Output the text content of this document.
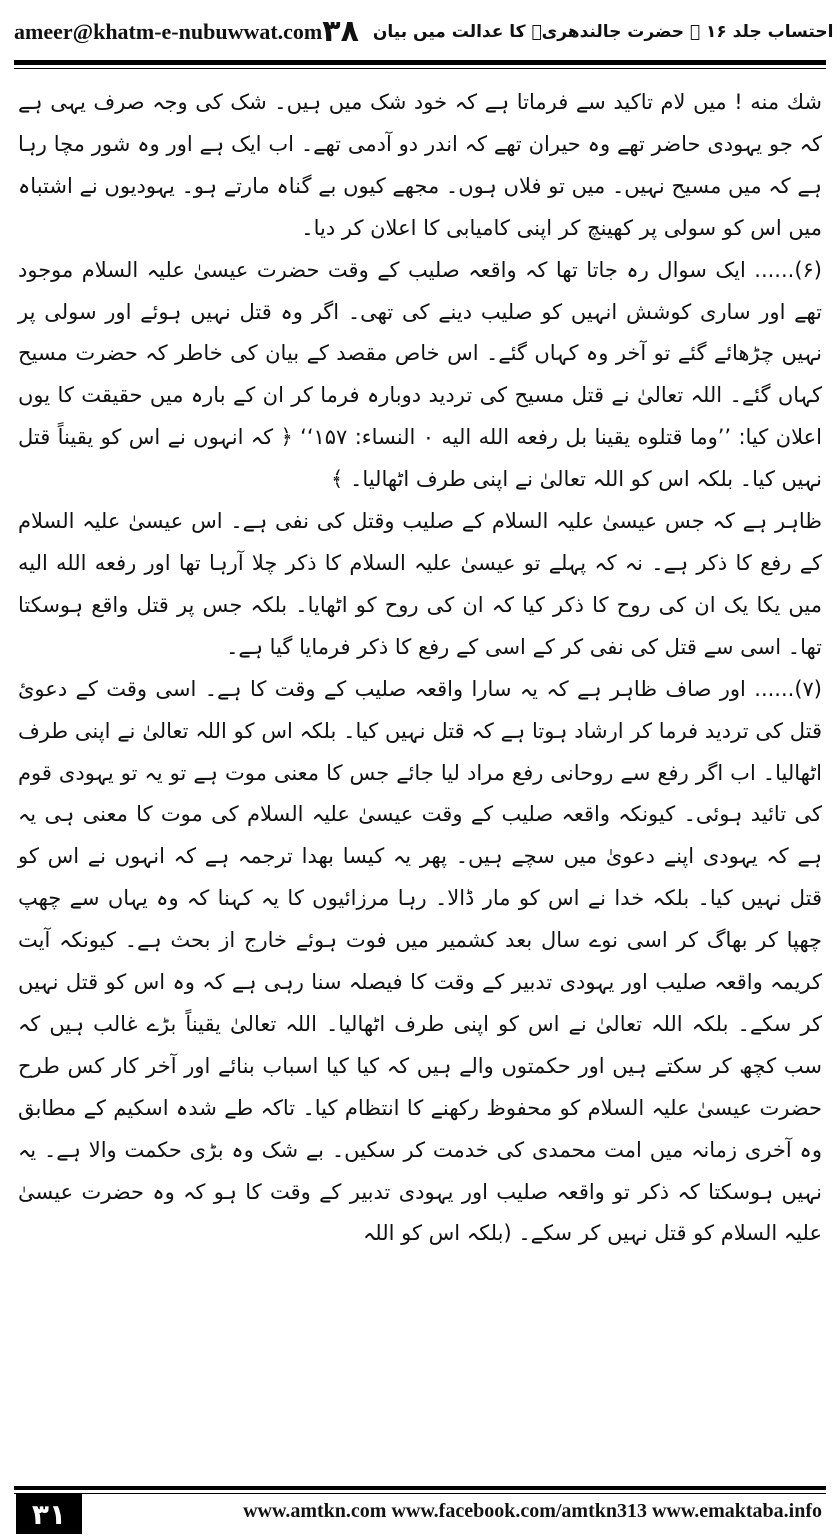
ameer@khatm-e-nubuwwat.com	احتساب جلد ۱۶ ۔ حضرت جالندھریؒ کا عدالت میں بیان
۳۸

شك منه ! میں لام تاکید سے فرماتا ہے کہ خود شک میں ہیں۔ شک کی وجہ صرف یہی ہے کہ جو یہودی حاضر تھے وہ حیران تھے کہ اندر دو آدمی تھے۔ اب ایک ہے اور وہ شور مچا رہا ہے کہ میں مسیح نہیں۔ میں تو فلاں ہوں۔ مجھے کیوں بے گناہ مارتے ہو۔ یہودیوں نے اشتباہ میں اس کو سولی پر کھینچ کر اپنی کامیابی کا اعلان کر دیا۔

(۶)...... ایک سوال رہ جاتا تھا کہ واقعہ صلیب کے وقت حضرت عیسیٰ علیہ السلام موجود تھے اور ساری کوشش انہیں کو صلیب دینے کی تھی۔ اگر وہ قتل نہیں ہوئے اور سولی پر نہیں چڑھائے گئے تو آخر وہ کہاں گئے۔ اس خاص مقصد کے بیان کی خاطر کہ حضرت مسیح کہاں گئے۔ اللہ تعالیٰ نے قتل مسیح کی تردید دوبارہ فرما کر ان کے بارہ میں حقیقت کا یوں اعلان کیا: ’’وما قتلوه يقينا بل رفعه الله اليه ۰ النساء: ۱۵۷‘‘ ﴿ کہ انہوں نے اس کو یقیناً قتل نہیں کیا۔ بلکہ اس کو اللہ تعالیٰ نے اپنی طرف اٹھالیا۔ ﴾

ظاہر ہے کہ جس عیسیٰ علیہ السلام کے صلیب وقتل کی نفی ہے۔ اس عیسیٰ علیہ السلام کے رفع کا ذکر ہے۔ نہ کہ پہلے تو عیسیٰ علیہ السلام کا ذکر چلا آرہا تھا اور رفعه الله اليه میں یکا یک ان کی روح کا ذکر کیا کہ ان کی روح کو اٹھایا۔ بلکہ جس پر قتل واقع ہوسکتا تھا۔ اسی سے قتل کی نفی کر کے اسی کے رفع کا ذکر فرمایا گیا ہے۔

(۷)...... اور صاف ظاہر ہے کہ یہ سارا واقعہ صلیب کے وقت کا ہے۔ اسی وقت کے دعویٔ قتل کی تردید فرما کر ارشاد ہوتا ہے کہ قتل نہیں کیا۔ بلکہ اس کو اللہ تعالیٰ نے اپنی طرف اٹھالیا۔ اب اگر رفع سے روحانی رفع مراد لیا جائے جس کا معنی موت ہے تو یہ تو یہودی قوم کی تائید ہوئی۔ کیونکہ واقعہ صلیب کے وقت عیسیٰ علیہ السلام کی موت کا معنی ہی یہ ہے کہ یہودی اپنے دعویٰ میں سچے ہیں۔ پھر یہ کیسا بھدا ترجمہ ہے کہ انہوں نے اس کو قتل نہیں کیا۔ بلکہ خدا نے اس کو مار ڈالا۔ رہا مرزائیوں کا یہ کہنا کہ وہ یہاں سے چھپ چھپا کر بھاگ کر اسی نوے سال بعد کشمیر میں فوت ہوئے خارج از بحث ہے۔ کیونکہ آیت کریمہ واقعہ صلیب اور یہودی تدبیر کے وقت کا فیصلہ سنا رہی ہے کہ وہ اس کو قتل نہیں کر سکے۔ بلکہ اللہ تعالیٰ نے اس کو اپنی طرف اٹھالیا۔ اللہ تعالیٰ یقیناً بڑے غالب ہیں کہ سب کچھ کر سکتے ہیں اور حکمتوں والے ہیں کہ کیا کیا اسباب بنائے اور آخر کار کس طرح حضرت عیسیٰ علیہ السلام کو محفوظ رکھنے کا انتظام کیا۔ تاکہ طے شدہ اسکیم کے مطابق وہ آخری زمانہ میں امت محمدی کی خدمت کر سکیں۔ بے شک وہ بڑی حکمت والا ہے۔ یہ نہیں ہوسکتا کہ ذکر تو واقعہ صلیب اور یہودی تدبیر کے وقت کا ہو کہ وہ حضرت عیسیٰ علیہ السلام کو قتل نہیں کر سکے۔ (بلکہ اس کو اللہ

۳۱	www.amtkn.com www.facebook.com/amtkn313 www.emaktaba.info
